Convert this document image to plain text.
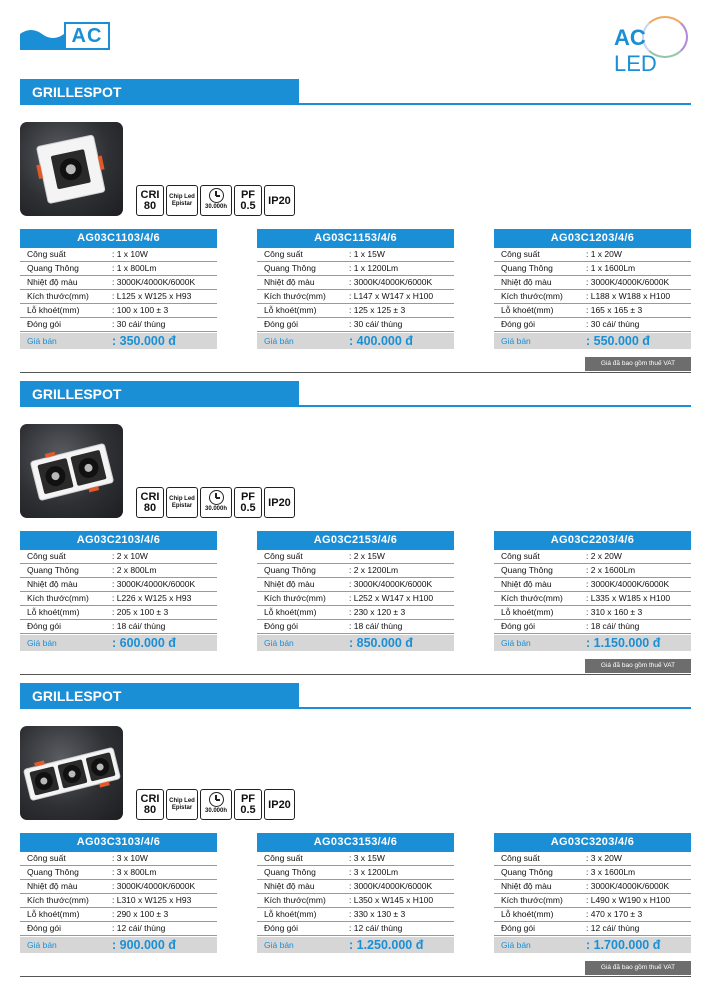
AC	AC LED
GRILLESPOT
CRI
80
Chip Led
Epistar
30.000h
PF
0.5 IP20
AG03C1103/4/6
Công suất	: 1 x 10W
Quang Thông	: 1 x 800Lm
Nhiệt độ màu	: 3000K/4000K/6000K
Kích thước(mm)	: L125 x W125 x H93
Lỗ khoét(mm)	: 100 x 100 ± 3
Đóng gói	: 30 cái/ thùng
Giá bán	: 350.000 đ
AG03C1153/4/6
Công suất	: 1 x 15W
Quang Thông	: 1 x 1200Lm
Nhiệt độ màu	: 3000K/4000K/6000K
Kích thước(mm)	: L147 x W147 x H100
Lỗ khoét(mm)	: 125 x 125 ± 3
Đóng gói	: 30 cái/ thùng
Giá bán	: 400.000 đ
AG03C1203/4/6
Công suất	: 1 x 20W
Quang Thông	: 1 x 1600Lm
Nhiệt độ màu	: 3000K/4000K/6000K
Kích thước(mm)	: L188 x W188 x H100
Lỗ khoét(mm)	: 165 x 165 ± 3
Đóng gói	: 30 cái/ thùng
Giá bán	: 550.000 đ
Giá đã bao gồm thuế VAT
GRILLESPOT
CRI
80
Chip Led
Epistar
30.000h
PF
0.5 IP20
AG03C2103/4/6
Công suất	: 2 x 10W
Quang Thông	: 2 x 800Lm
Nhiệt độ màu	: 3000K/4000K/6000K
Kích thước(mm)	: L226 x W125 x H93
Lỗ khoét(mm)	: 205 x 100 ± 3
Đóng gói	: 18 cái/ thùng
Giá bán	: 600.000 đ
AG03C2153/4/6
Công suất	: 2 x 15W
Quang Thông	: 2 x 1200Lm
Nhiệt độ màu	: 3000K/4000K/6000K
Kích thước(mm)	: L252 x W147 x H100
Lỗ khoét(mm)	: 230 x 120 ± 3
Đóng gói	: 18 cái/ thùng
Giá bán	: 850.000 đ
AG03C2203/4/6
Công suất	: 2 x 20W
Quang Thông	: 2 x 1600Lm
Nhiệt độ màu	: 3000K/4000K/6000K
Kích thước(mm)	: L335 x W185 x H100
Lỗ khoét(mm)	: 310 x 160 ± 3
Đóng gói	: 18 cái/ thùng
Giá bán	: 1.150.000 đ
Giá đã bao gồm thuế VAT
GRILLESPOT
CRI
80
Chip Led
Epistar
30.000h
PF
0.5 IP20
AG03C3103/4/6
Công suất	: 3 x 10W
Quang Thông	: 3 x 800Lm
Nhiệt độ màu	: 3000K/4000K/6000K
Kích thước(mm)	: L310 x W125 x H93
Lỗ khoét(mm)	: 290 x 100 ± 3
Đóng gói	: 12 cái/ thùng
Giá bán	: 900.000 đ
AG03C3153/4/6
Công suất	: 3 x 15W
Quang Thông	: 3 x 1200Lm
Nhiệt độ màu	: 3000K/4000K/6000K
Kích thước(mm)	: L350 x W145 x H100
Lỗ khoét(mm)	: 330 x 130 ± 3
Đóng gói	: 12 cái/ thùng
Giá bán	: 1.250.000 đ
AG03C3203/4/6
Công suất	: 3 x 20W
Quang Thông	: 3 x 1600Lm
Nhiệt độ màu	: 3000K/4000K/6000K
Kích thước(mm)	: L490 x W190 x H100
Lỗ khoét(mm)	: 470 x 170 ± 3
Đóng gói	: 12 cái/ thùng
Giá bán	: 1.700.000 đ
Giá đã bao gồm thuế VAT
